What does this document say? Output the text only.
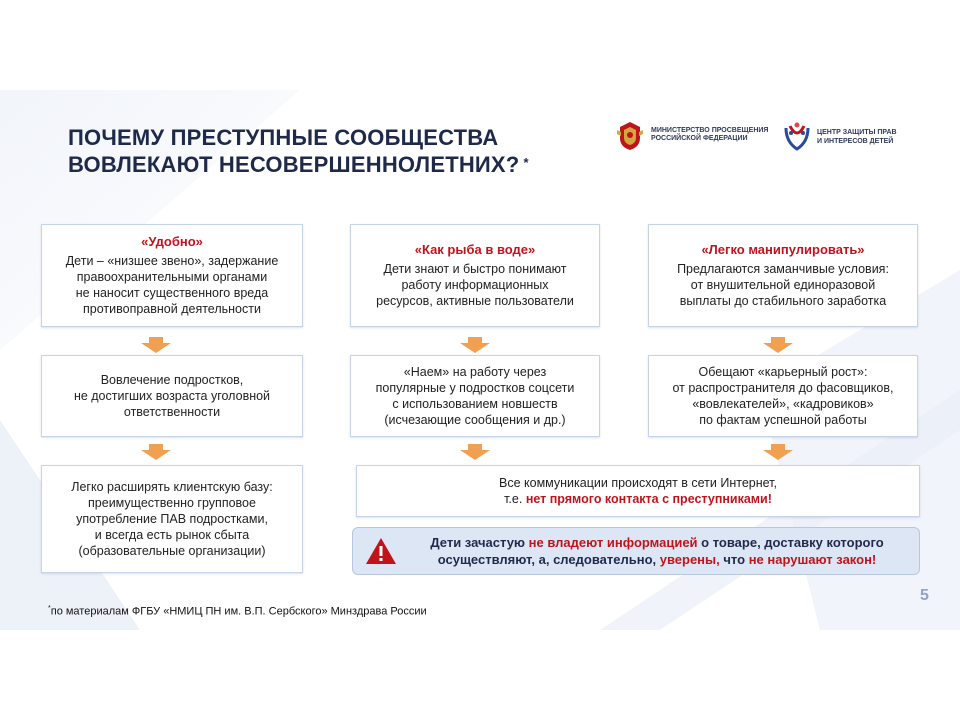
ПОЧЕМУ ПРЕСТУПНЫЕ СООБЩЕСТВА
ВОВЛЕКАЮТ НЕСОВЕРШЕННОЛЕТНИХ? *
МИНИСТЕРСТВО ПРОСВЕЩЕНИЯ
РОССИЙСКОЙ ФЕДЕРАЦИИ
ЦЕНТР ЗАЩИТЫ ПРАВ
И ИНТЕРЕСОВ ДЕТЕЙ
«Удобно»
Дети – «низшее звено», задержание
правоохранительными органами
не наносит существенного вреда
противоправной деятельности
Вовлечение подростков,
не достигших возраста уголовной
ответственности
Легко расширять клиентскую базу:
преимущественно групповое
употребление ПАВ подростками,
и всегда есть рынок сбыта
(образовательные организации)
«Как рыба в воде»
Дети знают и быстро понимают
работу информационных
ресурсов, активные пользователи
«Наем» на работу через
популярные у подростков соцсети
с использованием новшеств
(исчезающие сообщения и др.)
«Легко манипулировать»
Предлагаются заманчивые условия:
от внушительной единоразовой
выплаты до стабильного заработка
Обещают «карьерный рост»:
от распространителя до фасовщиков,
«вовлекателей», «кадровиков»
по фактам успешной работы
Все коммуникации происходят в сети Интернет,
т.е. нет прямого контакта с преступниками!
Дети зачастую не владеют информацией о товаре, доставку которого
осуществляют, а, следовательно, уверены, что не нарушают закон!
*по материалам ФГБУ «НМИЦ ПН им. В.П. Сербского» Минздрава России
5
